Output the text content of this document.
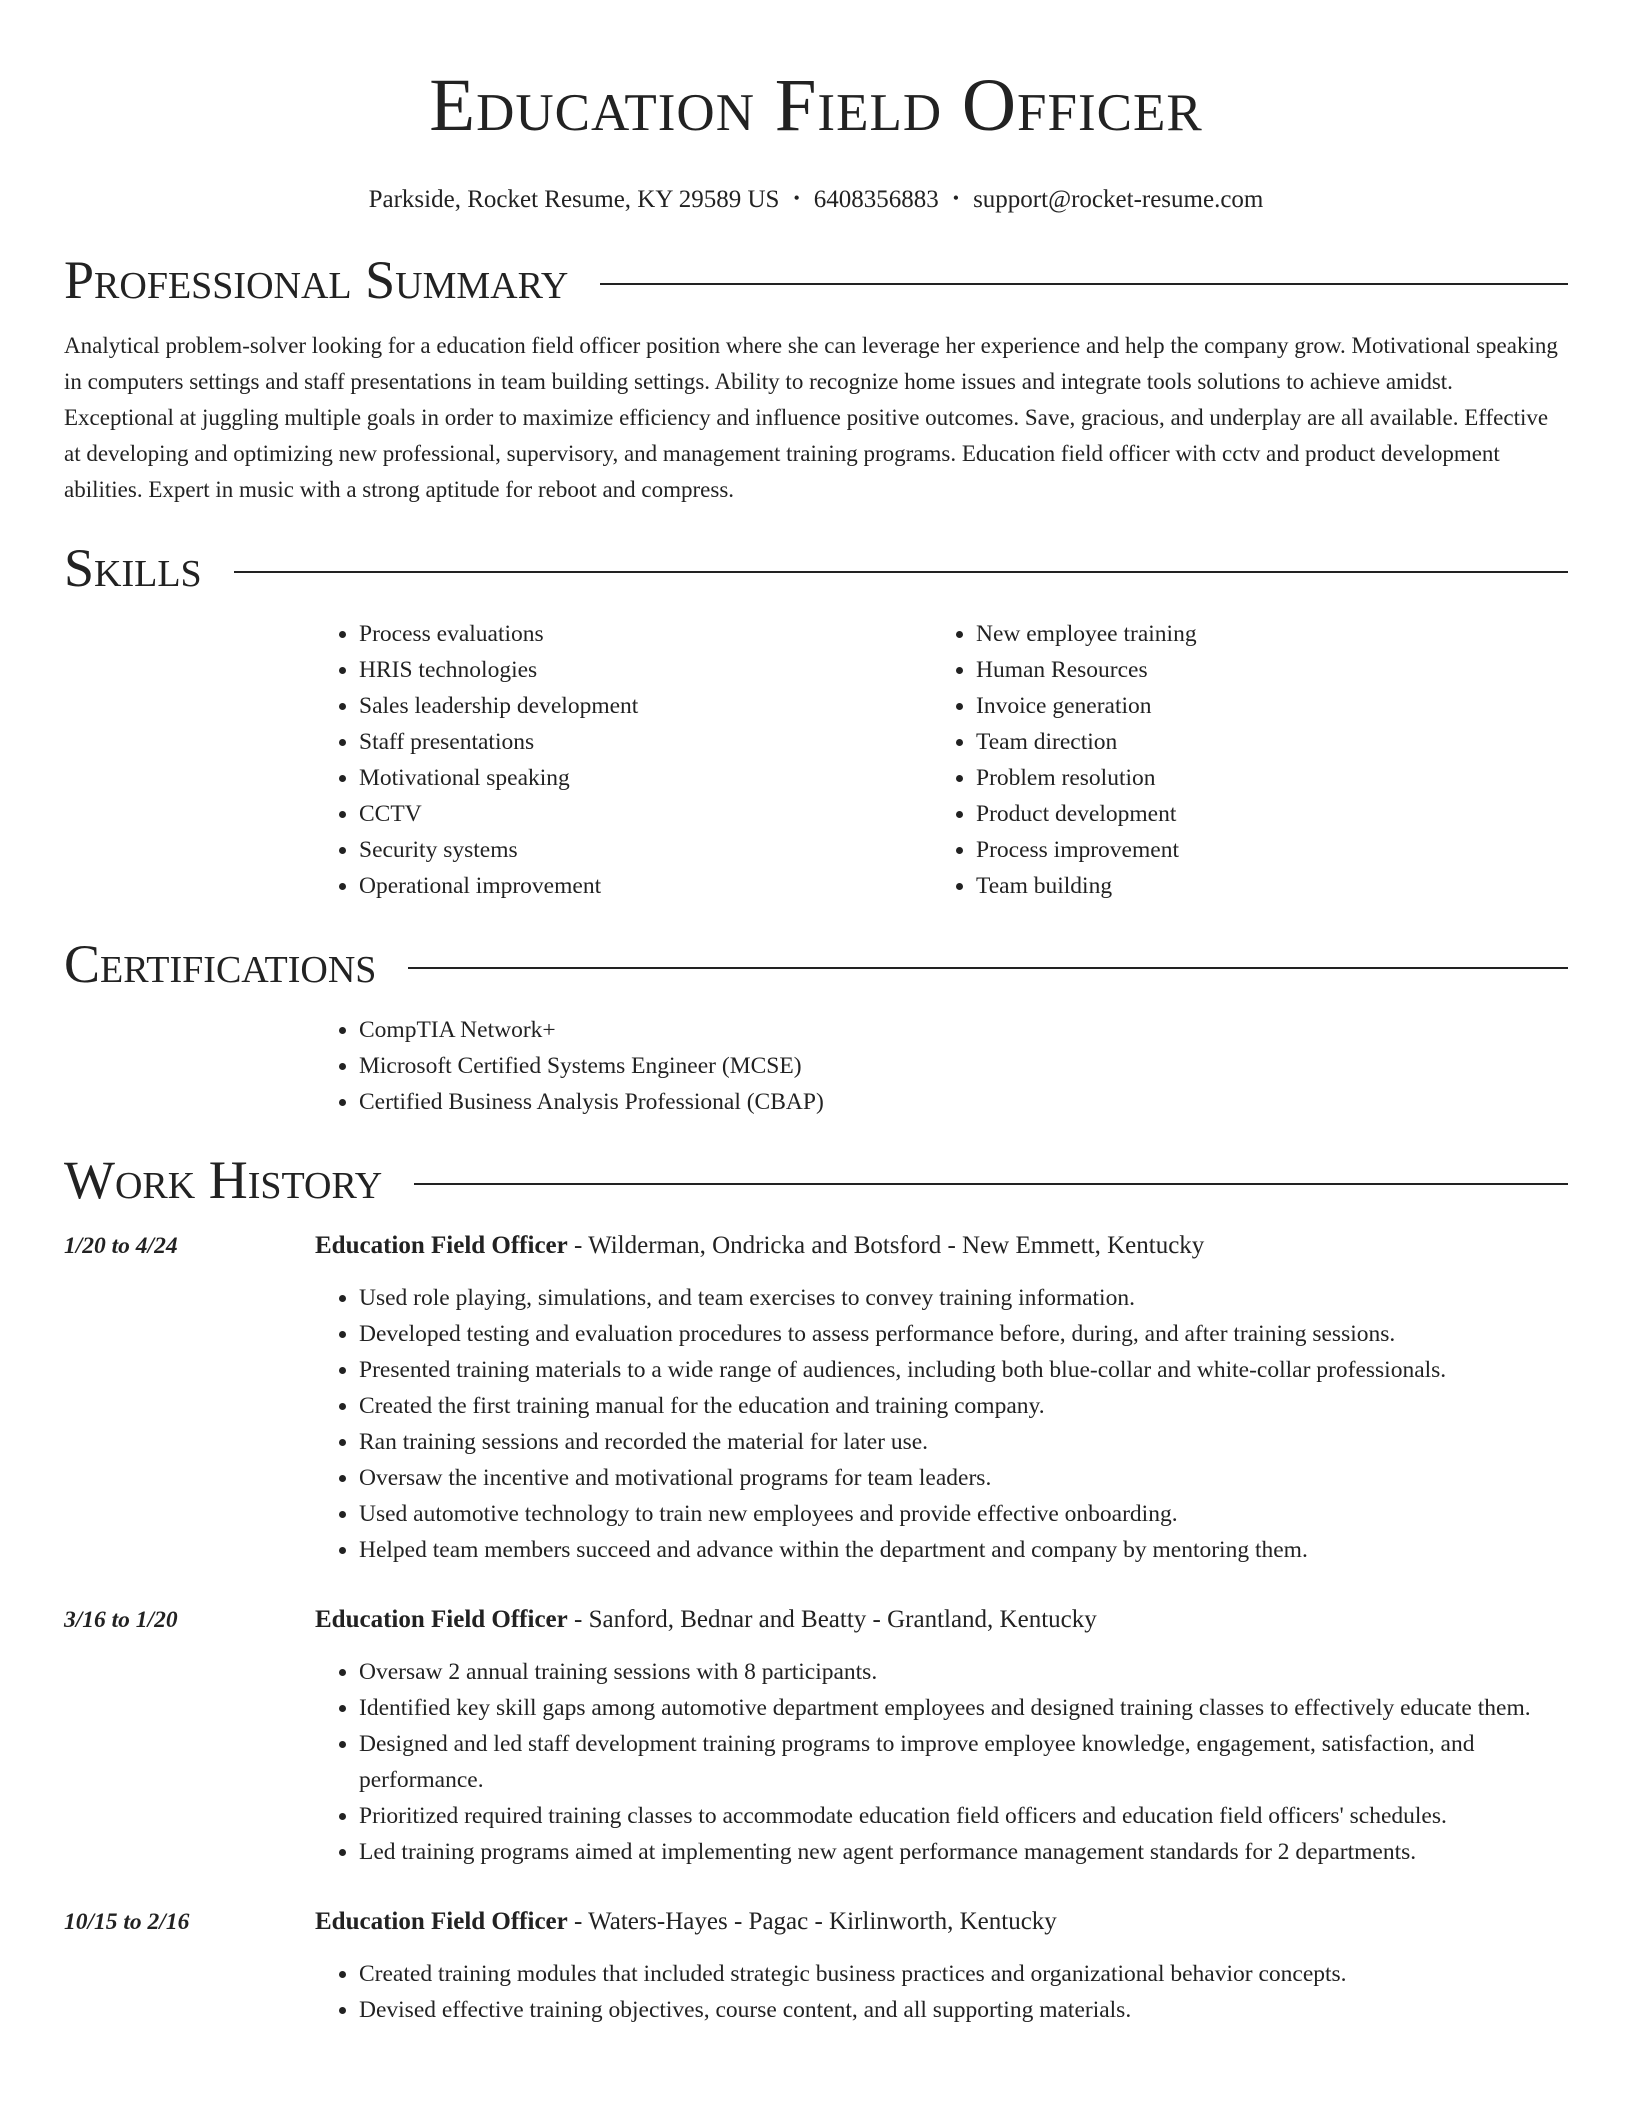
Education Field Officer
Parkside, Rocket Resume, KY 29589 US • 6408356883 • support@rocket-resume.com
Professional Summary

Analytical problem-solver looking for a education field officer position where she can leverage her experience and help the company grow. Motivational speaking in computers settings and staff presentations in team building settings. Ability to recognize home issues and integrate tools solutions to achieve amidst. Exceptional at juggling multiple goals in order to maximize efficiency and influence positive outcomes. Save, gracious, and underplay are all available. Effective at developing and optimizing new professional, supervisory, and management training programs. Education field officer with cctv and product development abilities. Expert in music with a strong aptitude for reboot and compress.

Skills
• Process evaluations
• HRIS technologies
• Sales leadership development
• Staff presentations
• Motivational speaking
• CCTV
• Security systems
• Operational improvement
• New employee training
• Human Resources
• Invoice generation
• Team direction
• Problem resolution
• Product development
• Process improvement
• Team building
Certifications
• CompTIA Network+
• Microsoft Certified Systems Engineer (MCSE)
• Certified Business Analysis Professional (CBAP)
Work History
1/20 to 4/24	Education Field Officer - Wilderman, Ondricka and Botsford - New Emmett, Kentucky
• Used role playing, simulations, and team exercises to convey training information.
• Developed testing and evaluation procedures to assess performance before, during, and after training sessions.
• Presented training materials to a wide range of audiences, including both blue-collar and white-collar professionals.
• Created the first training manual for the education and training company.
• Ran training sessions and recorded the material for later use.
• Oversaw the incentive and motivational programs for team leaders.
• Used automotive technology to train new employees and provide effective onboarding.
• Helped team members succeed and advance within the department and company by mentoring them.
3/16 to 1/20	Education Field Officer - Sanford, Bednar and Beatty - Grantland, Kentucky
• Oversaw 2 annual training sessions with 8 participants.
• Identified key skill gaps among automotive department employees and designed training classes to effectively educate them.
• Designed and led staff development training programs to improve employee knowledge, engagement, satisfaction, and performance.
• Prioritized required training classes to accommodate education field officers and education field officers' schedules.
• Led training programs aimed at implementing new agent performance management standards for 2 departments.
10/15 to 2/16	Education Field Officer - Waters-Hayes - Pagac - Kirlinworth, Kentucky
• Created training modules that included strategic business practices and organizational behavior concepts.
• Devised effective training objectives, course content, and all supporting materials.
